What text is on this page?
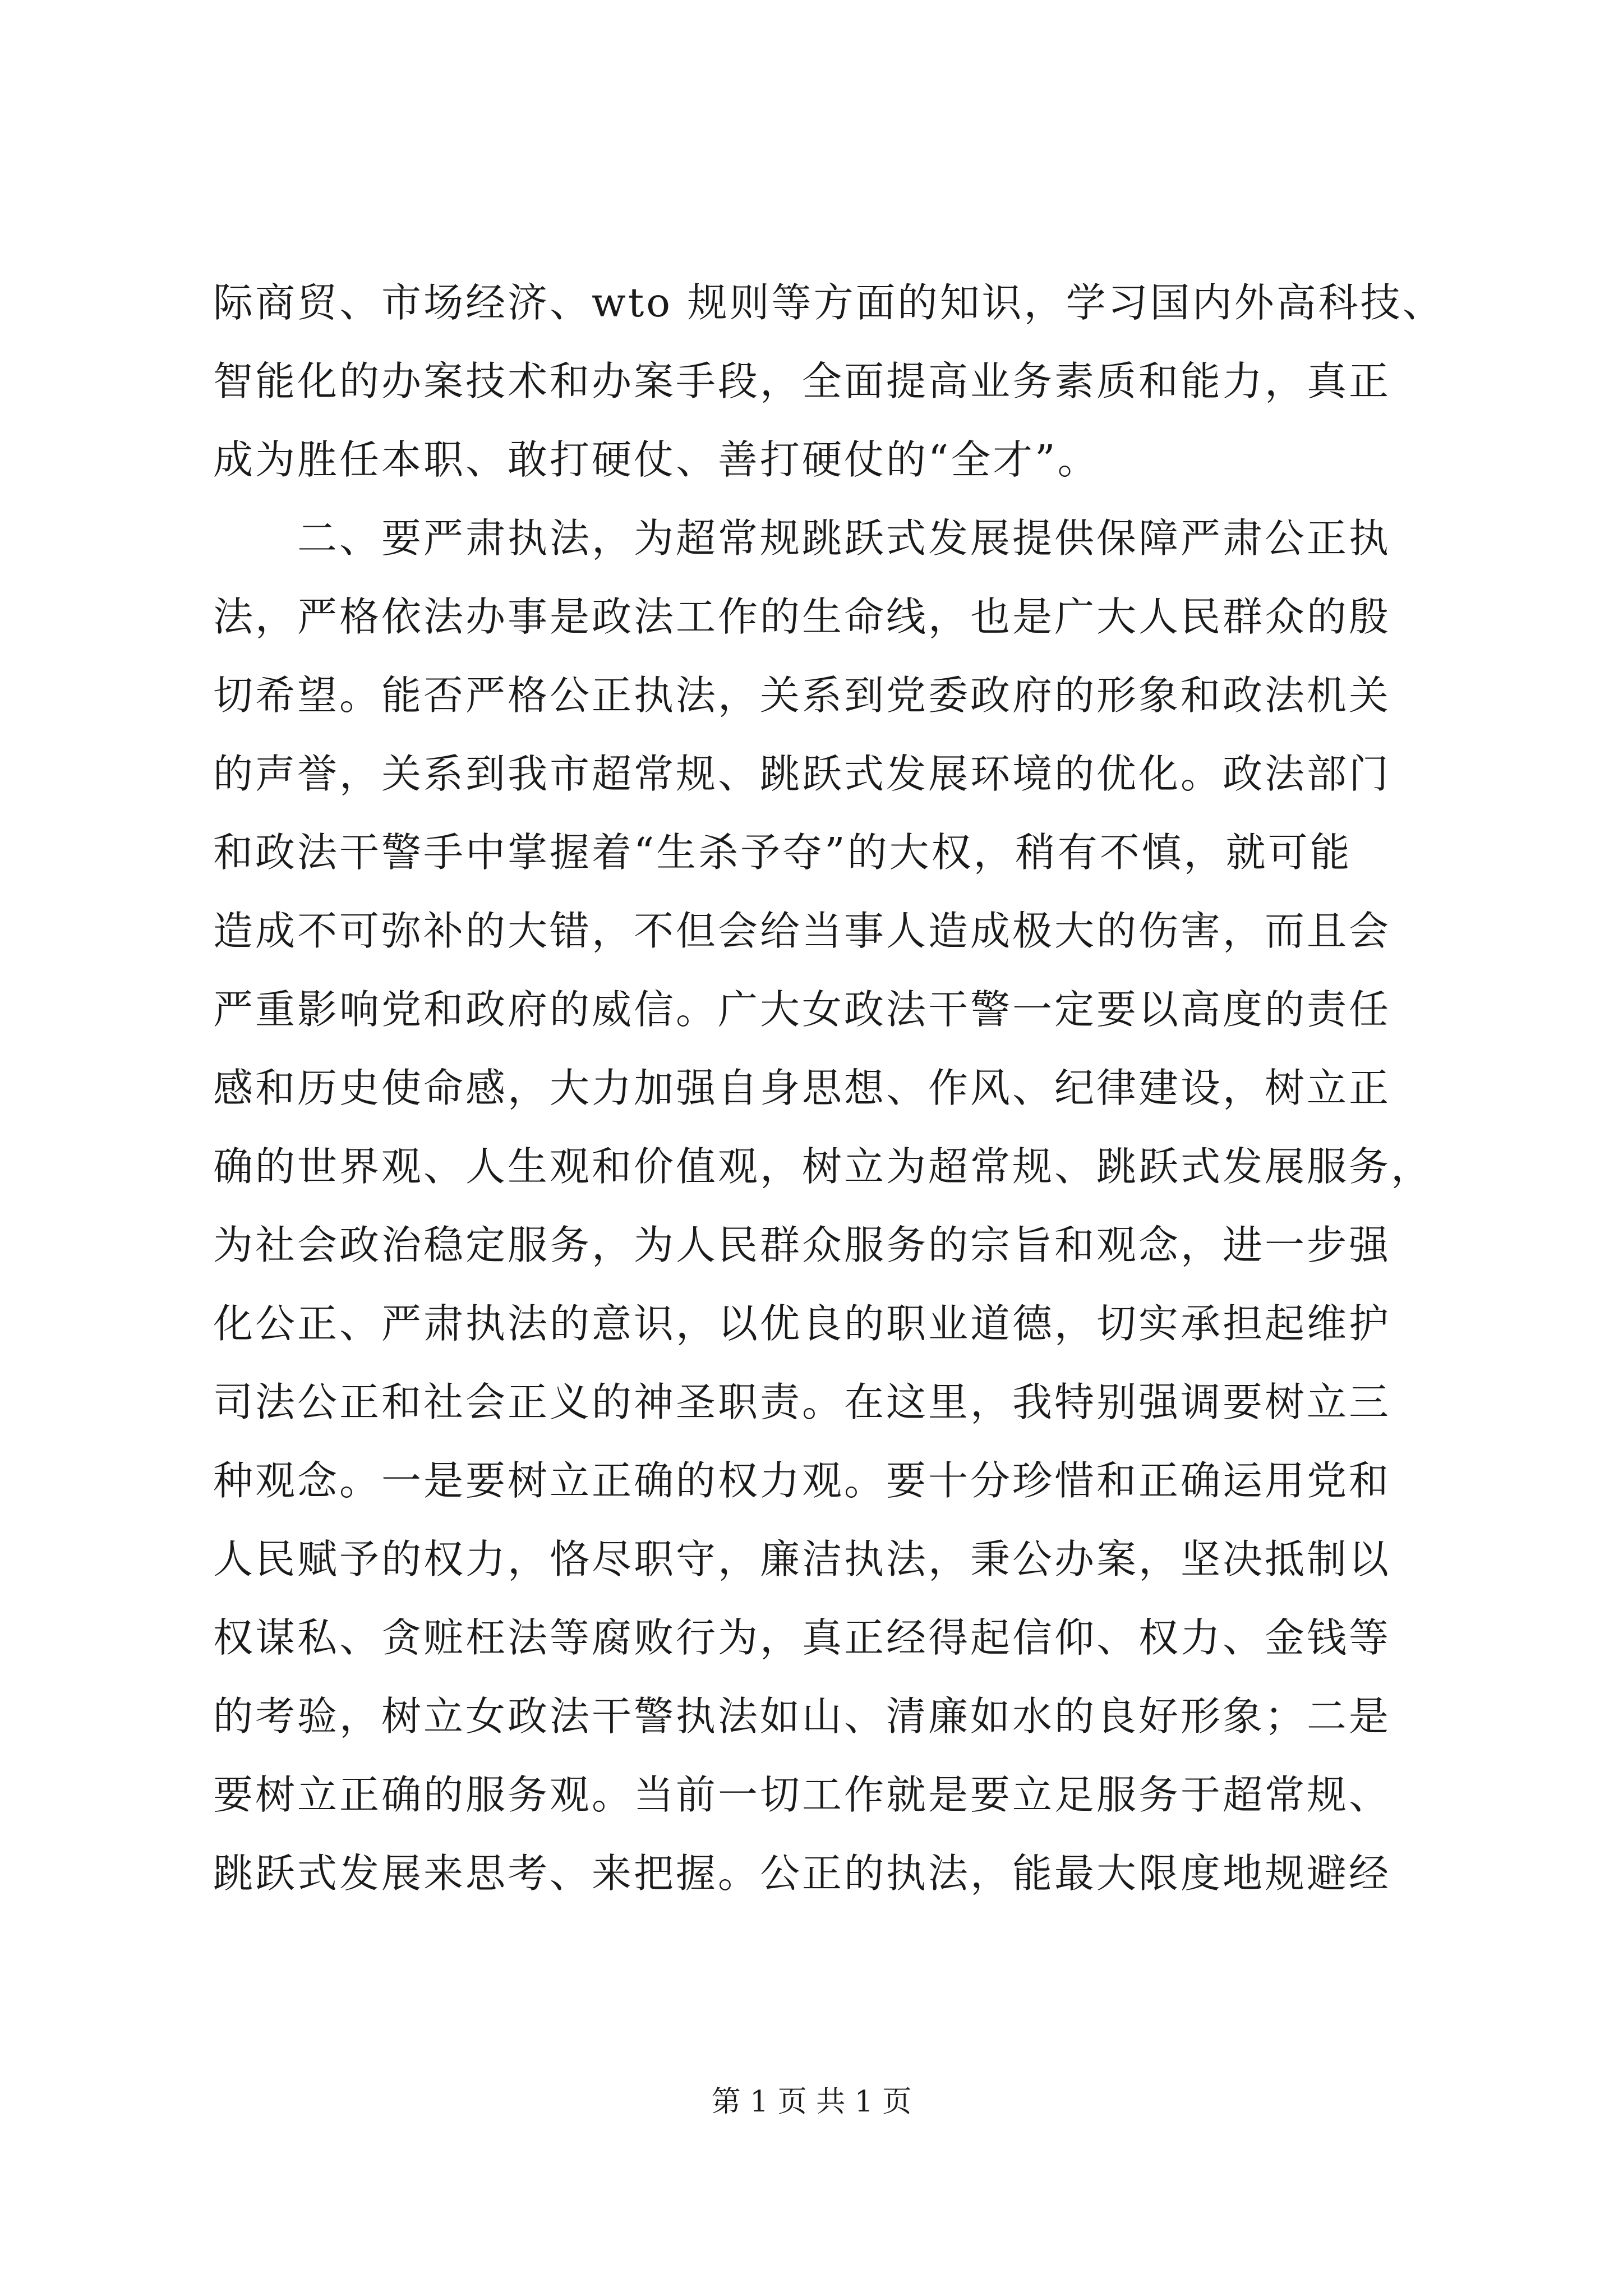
际商贸、市场经济、wto 规则等方面的知识，学习国内外高科技、
智能化的办案技术和办案手段，全面提高业务素质和能力，真正
成为胜任本职、敢打硬仗、善打硬仗的“全才”。
二、要严肃执法，为超常规跳跃式发展提供保障严肃公正执
法，严格依法办事是政法工作的生命线，也是广大人民群众的殷
切希望。能否严格公正执法，关系到党委政府的形象和政法机关
的声誉，关系到我市超常规、跳跃式发展环境的优化。政法部门
和政法干警手中掌握着“生杀予夺”的大权，稍有不慎，就可能
造成不可弥补的大错，不但会给当事人造成极大的伤害，而且会
严重影响党和政府的威信。广大女政法干警一定要以高度的责任
感和历史使命感，大力加强自身思想、作风、纪律建设，树立正
确的世界观、人生观和价值观，树立为超常规、跳跃式发展服务，
为社会政治稳定服务，为人民群众服务的宗旨和观念，进一步强
化公正、严肃执法的意识，以优良的职业道德，切实承担起维护
司法公正和社会正义的神圣职责。在这里，我特别强调要树立三
种观念。一是要树立正确的权力观。要十分珍惜和正确运用党和
人民赋予的权力，恪尽职守，廉洁执法，秉公办案，坚决抵制以
权谋私、贪赃枉法等腐败行为，真正经得起信仰、权力、金钱等
的考验，树立女政法干警执法如山、清廉如水的良好形象；二是
要树立正确的服务观。当前一切工作就是要立足服务于超常规、
跳跃式发展来思考、来把握。公正的执法，能最大限度地规避经
第 1 页 共 1 页
